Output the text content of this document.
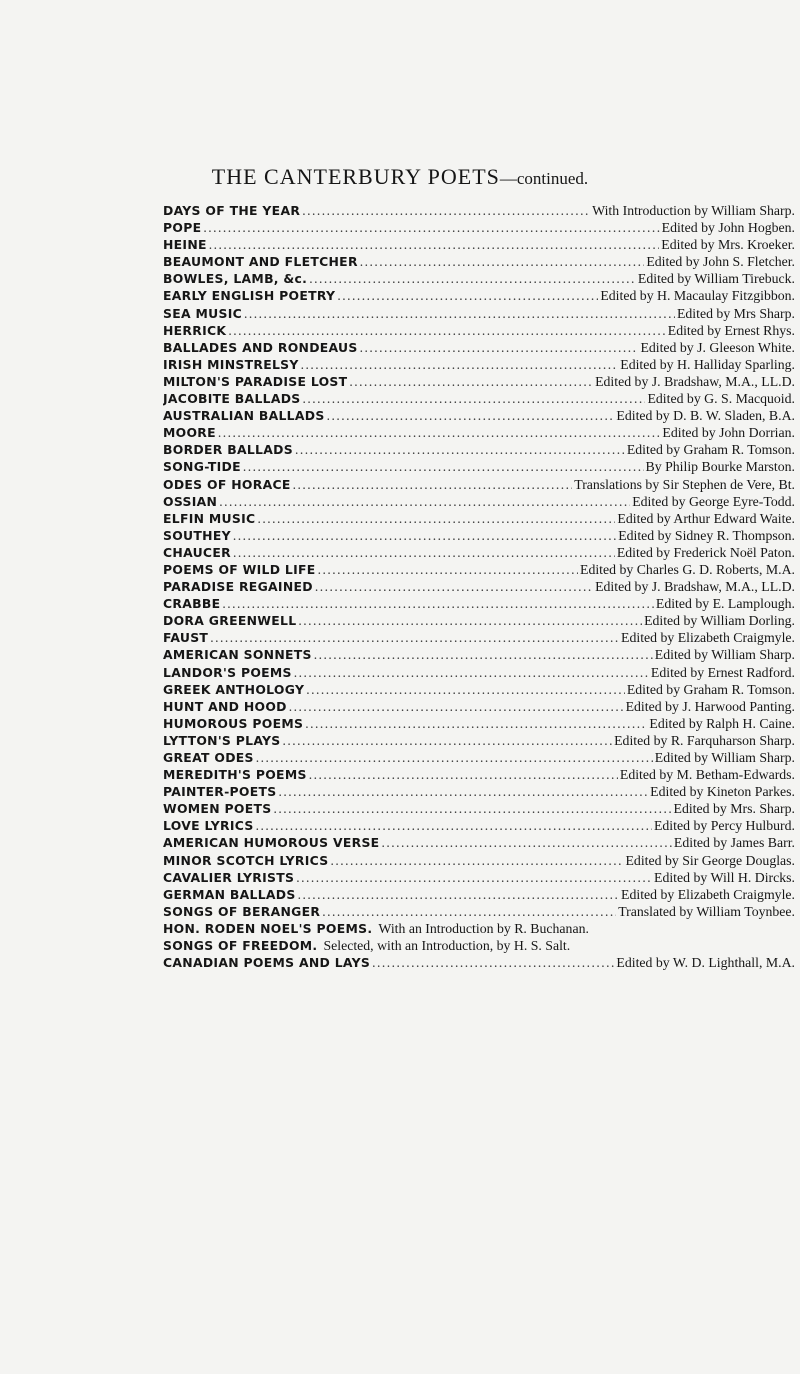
THE CANTERBURY POETS—continued.
DAYS OF THE YEAR .....	With Introduction by William Sharp.
POPE .....	Edited by John Hogben.
HEINE .....	Edited by Mrs. Kroeker.
BEAUMONT AND FLETCHER .....	Edited by John S. Fletcher.
BOWLES, LAMB, &c. .....	Edited by William Tirebuck.
EARLY ENGLISH POETRY .....	Edited by H. Macaulay Fitzgibbon.
SEA MUSIC .....	Edited by Mrs Sharp.
HERRICK .....	Edited by Ernest Rhys.
BALLADES AND RONDEAUS .....	Edited by J. Gleeson White.
IRISH MINSTRELSY .....	Edited by H. Halliday Sparling.
MILTON'S PARADISE LOST .....	Edited by J. Bradshaw, M.A., LL.D.
JACOBITE BALLADS .....	Edited by G. S. Macquoid.
AUSTRALIAN BALLADS .....	Edited by D. B. W. Sladen, B.A.
MOORE .....	Edited by John Dorrian.
BORDER BALLADS .....	Edited by Graham R. Tomson.
SONG-TIDE .....	By Philip Bourke Marston.
ODES OF HORACE .....	Translations by Sir Stephen de Vere, Bt.
OSSIAN .....	Edited by George Eyre-Todd.
ELFIN MUSIC .....	Edited by Arthur Edward Waite.
SOUTHEY .....	Edited by Sidney R. Thompson.
CHAUCER .....	Edited by Frederick Noël Paton.
POEMS OF WILD LIFE .....	Edited by Charles G. D. Roberts, M.A.
PARADISE REGAINED .....	Edited by J. Bradshaw, M.A., LL.D.
CRABBE .....	Edited by E. Lamplough.
DORA GREENWELL .....	Edited by William Dorling.
FAUST .....	Edited by Elizabeth Craigmyle.
AMERICAN SONNETS .....	Edited by William Sharp.
LANDOR'S POEMS .....	Edited by Ernest Radford.
GREEK ANTHOLOGY .....	Edited by Graham R. Tomson.
HUNT AND HOOD .....	Edited by J. Harwood Panting.
HUMOROUS POEMS .....	Edited by Ralph H. Caine.
LYTTON'S PLAYS .....	Edited by R. Farquharson Sharp.
GREAT ODES .....	Edited by William Sharp.
MEREDITH'S POEMS .....	Edited by M. Betham-Edwards.
PAINTER-POETS .....	Edited by Kineton Parkes.
WOMEN POETS .....	Edited by Mrs. Sharp.
LOVE LYRICS .....	Edited by Percy Hulburd.
AMERICAN HUMOROUS VERSE .....	Edited by James Barr.
MINOR SCOTCH LYRICS .....	Edited by Sir George Douglas.
CAVALIER LYRISTS .....	Edited by Will H. Dircks.
GERMAN BALLADS .....	Edited by Elizabeth Craigmyle.
SONGS OF BERANGER .....	Translated by William Toynbee.
HON. RODEN NOEL'S POEMS. With an Introduction by R. Buchanan.
SONGS OF FREEDOM. Selected, with an Introduction, by H. S. Salt.
CANADIAN POEMS AND LAYS .....	Edited by W. D. Lighthall, M.A.
